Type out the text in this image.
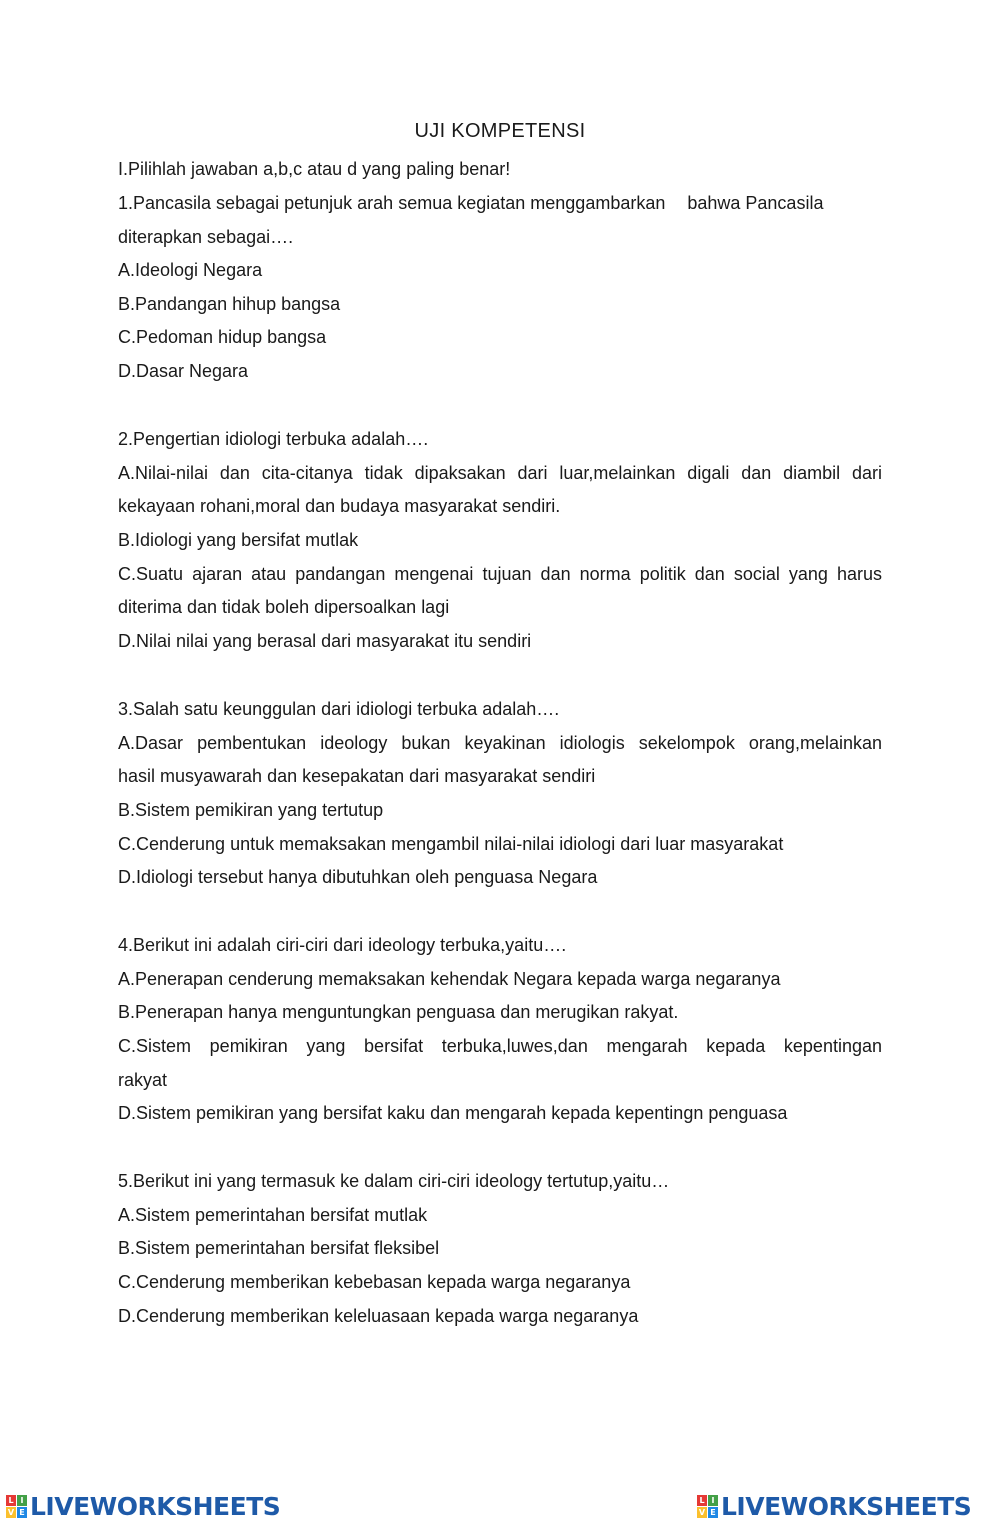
UJI KOMPETENSI
I.Pilihlah jawaban a,b,c atau d yang paling benar!
1.Pancasila sebagai petunjuk arah semua kegiatan menggambarkan bahwa Pancasila
diterapkan sebagai….
A.Ideologi Negara
B.Pandangan hihup bangsa
C.Pedoman hidup bangsa
D.Dasar Negara
2.Pengertian idiologi terbuka adalah….
A.Nilai-nilai dan cita-citanya tidak dipaksakan dari luar,melainkan digali dan diambil dari
kekayaan rohani,moral dan budaya masyarakat sendiri.
B.Idiologi yang bersifat mutlak
C.Suatu ajaran atau pandangan mengenai tujuan dan norma politik dan social yang harus
diterima dan tidak boleh dipersoalkan lagi
D.Nilai nilai yang berasal dari masyarakat itu sendiri
3.Salah satu keunggulan dari idiologi terbuka adalah….
A.Dasar pembentukan ideology bukan keyakinan idiologis sekelompok orang,melainkan
hasil musyawarah dan kesepakatan dari masyarakat sendiri
B.Sistem pemikiran yang tertutup
C.Cenderung untuk memaksakan mengambil nilai-nilai idiologi dari luar masyarakat
D.Idiologi tersebut hanya dibutuhkan oleh penguasa Negara
4.Berikut ini adalah ciri-ciri dari ideology terbuka,yaitu….
A.Penerapan cenderung memaksakan kehendak Negara kepada warga negaranya
B.Penerapan hanya menguntungkan penguasa dan merugikan rakyat.
C.Sistem pemikiran yang bersifat terbuka,luwes,dan mengarah kepada kepentingan
rakyat
D.Sistem pemikiran yang bersifat kaku dan mengarah kepada kepentingn penguasa
5.Berikut ini yang termasuk ke dalam ciri-ciri ideology tertutup,yaitu…
A.Sistem pemerintahan bersifat mutlak
B.Sistem pemerintahan bersifat fleksibel
C.Cenderung memberikan kebebasan kepada warga negaranya
D.Cenderung memberikan keleluasaan kepada warga negaranya
L I
V E LIVEWORKSHEETS	L I
V E LIVEWORKSHEETS
